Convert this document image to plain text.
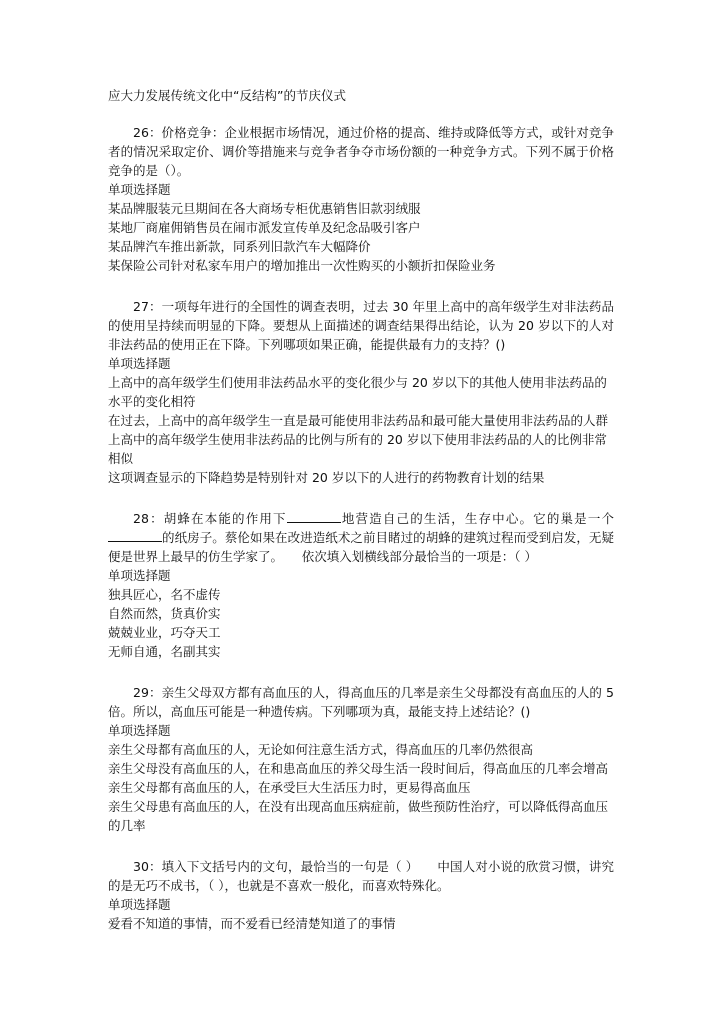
应大力发展传统文化中“反结构”的节庆仪式
26：价格竞争：企业根据市场情况，通过价格的提高、维持或降低等方式，或针对竞争者的情况采取定价、调价等措施来与竞争者争夺市场份额的一种竞争方式。下列不属于价格竞争的是（）。
单项选择题
某品牌服装元旦期间在各大商场专柜优惠销售旧款羽绒服
某地厂商雇佣销售员在闹市派发宣传单及纪念品吸引客户
某品牌汽车推出新款，同系列旧款汽车大幅降价
某保险公司针对私家车用户的增加推出一次性购买的小额折扣保险业务
27：一项每年进行的全国性的调查表明，过去 30 年里上高中的高年级学生对非法药品的使用呈持续而明显的下降。要想从上面描述的调查结果得出结论，认为 20 岁以下的人对非法药品的使用正在下降。下列哪项如果正确，能提供最有力的支持？()
单项选择题
上高中的高年级学生们使用非法药品水平的变化很少与 20 岁以下的其他人使用非法药品的水平的变化相符
在过去，上高中的高年级学生一直是最可能使用非法药品和最可能大量使用非法药品的人群
上高中的高年级学生使用非法药品的比例与所有的 20 岁以下使用非法药品的人的比例非常相似
这项调查显示的下降趋势是特别针对 20 岁以下的人进行的药物教育计划的结果
28：胡蜂在本能的作用下	地营造自己的生活，生存中心。它的巢是一个的纸房子。蔡伦如果在改进造纸术之前目睹过的胡蜂的建筑过程而受到启发，无疑便是世界上最早的仿生学家了。　　依次填入划横线部分最恰当的一项是：（ ）
单项选择题
独具匠心，名不虚传
自然而然，货真价实
兢兢业业，巧夺天工
无师自通，名副其实
29：亲生父母双方都有高血压的人，得高血压的几率是亲生父母都没有高血压的人的 5 倍。所以，高血压可能是一种遗传病。下列哪项为真，最能支持上述结论？()
单项选择题
亲生父母都有高血压的人，无论如何注意生活方式，得高血压的几率仍然很高
亲生父母没有高血压的人，在和患高血压的养父母生活一段时间后，得高血压的几率会增高
亲生父母都有高血压的人，在承受巨大生活压力时，更易得高血压
亲生父母患有高血压的人，在没有出现高血压病症前，做些预防性治疗，可以降低得高血压的几率
30：填入下文括号内的文句，最恰当的一句是（ ）　　中国人对小说的欣赏习惯，讲究的是无巧不成书，（ ），也就是不喜欢一般化，而喜欢特殊化。
单项选择题
爱看不知道的事情，而不爱看已经清楚知道了的事情
